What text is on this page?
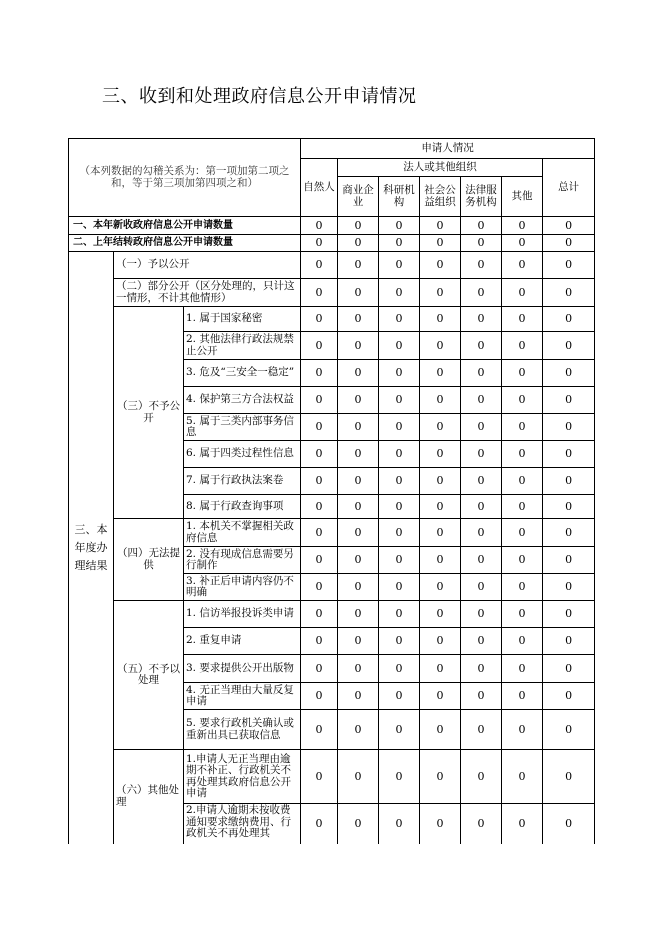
三、收到和处理政府信息公开申请情况
（本列数据的勾稽关系为：第一项加第二项之和，等于第三项加第四项之和）			申请人情况						
			自然人	法人或其他组织					总计
				商业企业	科研机构	社会公益组织	法律服务机构	其他	
一、本年新收政府信息公开申请数量			0	0	0	0	0	0	0
二、上年结转政府信息公开申请数量			0	0	0	0	0	0	0
三、本年度办理结果	（一）予以公开		0	0	0	0	0	0	0
	（二）部分公开（区分处理的，只计这一情形，不计其他情形）		0	0	0	0	0	0	0
	（三）不予公开	1. 属于国家秘密	0	0	0	0	0	0	0
		2. 其他法律行政法规禁止公开	0	0	0	0	0	0	0
		3. 危及“三安全一稳定”	0	0	0	0	0	0	0
		4. 保护第三方合法权益	0	0	0	0	0	0	0
		5. 属于三类内部事务信息	0	0	0	0	0	0	0
		6. 属于四类过程性信息	0	0	0	0	0	0	0
		7. 属于行政执法案卷	0	0	0	0	0	0	0
		8. 属于行政查询事项	0	0	0	0	0	0	0
	（四）无法提供	1. 本机关不掌握相关政府信息	0	0	0	0	0	0	0
		2. 没有现成信息需要另行制作	0	0	0	0	0	0	0
		3. 补正后申请内容仍不明确	0	0	0	0	0	0	0
	（五）不予以处理	1. 信访举报投诉类申请	0	0	0	0	0	0	0
		2. 重复申请	0	0	0	0	0	0	0
		3. 要求提供公开出版物	0	0	0	0	0	0	0
		4. 无正当理由大量反复申请	0	0	0	0	0	0	0
		5. 要求行政机关确认或重新出具已获取信息	0	0	0	0	0	0	0
	（六）其他处理	1.申请人无正当理由逾期不补正、行政机关不再处理其政府信息公开申请	0	0	0	0	0	0	0
		2.申请人逾期未按收费通知要求缴纳费用、行政机关不再处理其	0	0	0	0	0	0	0
